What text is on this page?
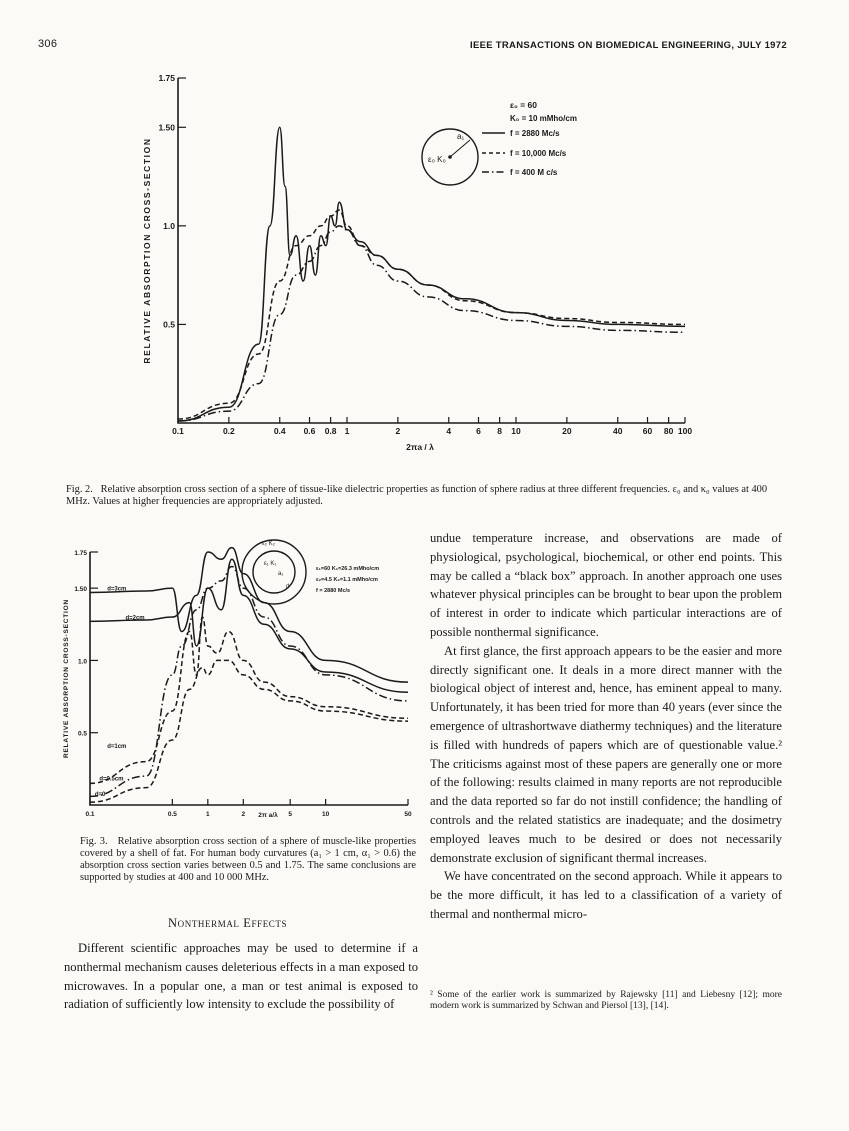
306	IEEE TRANSACTIONS ON BIOMEDICAL ENGINEERING, JULY 1972
0.1	0.2	0.4 0.6 0.8 1	2	4	6 8 10	20	40 60 80 100
0.5
1.0
1.50
1.75
RELATIVE ABSORPTION CROSS-SECTION
2πa / λ
a₁
ε₀ K₀
ε₀ = 60
K₀ = 10 mMho/cm
f = 2880 Mc/s
f = 10,000 Mc/s
f = 400 M c/s
Fig. 2. Relative absorption cross section of a sphere of tissue-like dielectric properties as function of sphere radius at three different frequencies. ε₀ and κ₀ values at 400 MHz. Values at higher frequencies are appropriately adjusted.
0.1	0.5	1	2	5	10	50
0.5
1.0
1.50
1.75
RELATIVE ABSORPTION CROSS-SECTION
2π a/λ
d=3cm
d=2cm
d=1cm
d=0.5cm
d=0
ε₂ K₂
ε₁ K₁
a₁
d
ε₁=60 K₁=26.3 mMho/cm
ε₂=4.5 K₂=1.1 mMho/cm
f = 2880 Mc/s
Fig. 3. Relative absorption cross section of a sphere of muscle-like properties covered by a shell of fat. For human body curvatures (a₁ > 1 cm, α₁ > 0.6) the absorption cross section varies between 0.5 and 1.75. The same conclusions are supported by studies at 400 and 10 000 MHz.
Nonthermal Effects

Different scientific approaches may be used to determine if a nonthermal mechanism causes deleterious effects in a man exposed to microwaves. In a popular one, a man or test animal is exposed to radiation of sufficiently low intensity to exclude the possibility of

undue temperature increase, and observations are made of physiological, psychological, biochemical, or other end points. This may be called a “black box” approach. In another approach one uses whatever physical principles can be brought to bear upon the problem of interest in order to indicate which particular interactions are of possible nonthermal significance.

At first glance, the first approach appears to be the easier and more directly significant one. It deals in a more direct manner with the biological object of interest and, hence, has eminent appeal to many. Unfortunately, it has been tried for more than 40 years (ever since the emergence of ultrashortwave diathermy techniques) and the literature is filled with hundreds of papers which are of questionable value.² The criticisms against most of these papers are generally one or more of the following: results claimed in many reports are not reproducible and the data reported so far do not instill confidence; the handling of controls and the related statistics are inadequate; and the dosimetry employed leaves much to be desired or does not necessarily demonstrate exclusion of significant thermal increases.

We have concentrated on the second approach. While it appears to be the more difficult, it has led to a classification of a variety of thermal and nonthermal micro-

² Some of the earlier work is summarized by Rajewsky [11] and Liebesny [12]; more modern work is summarized by Schwan and Piersol [13], [14].
